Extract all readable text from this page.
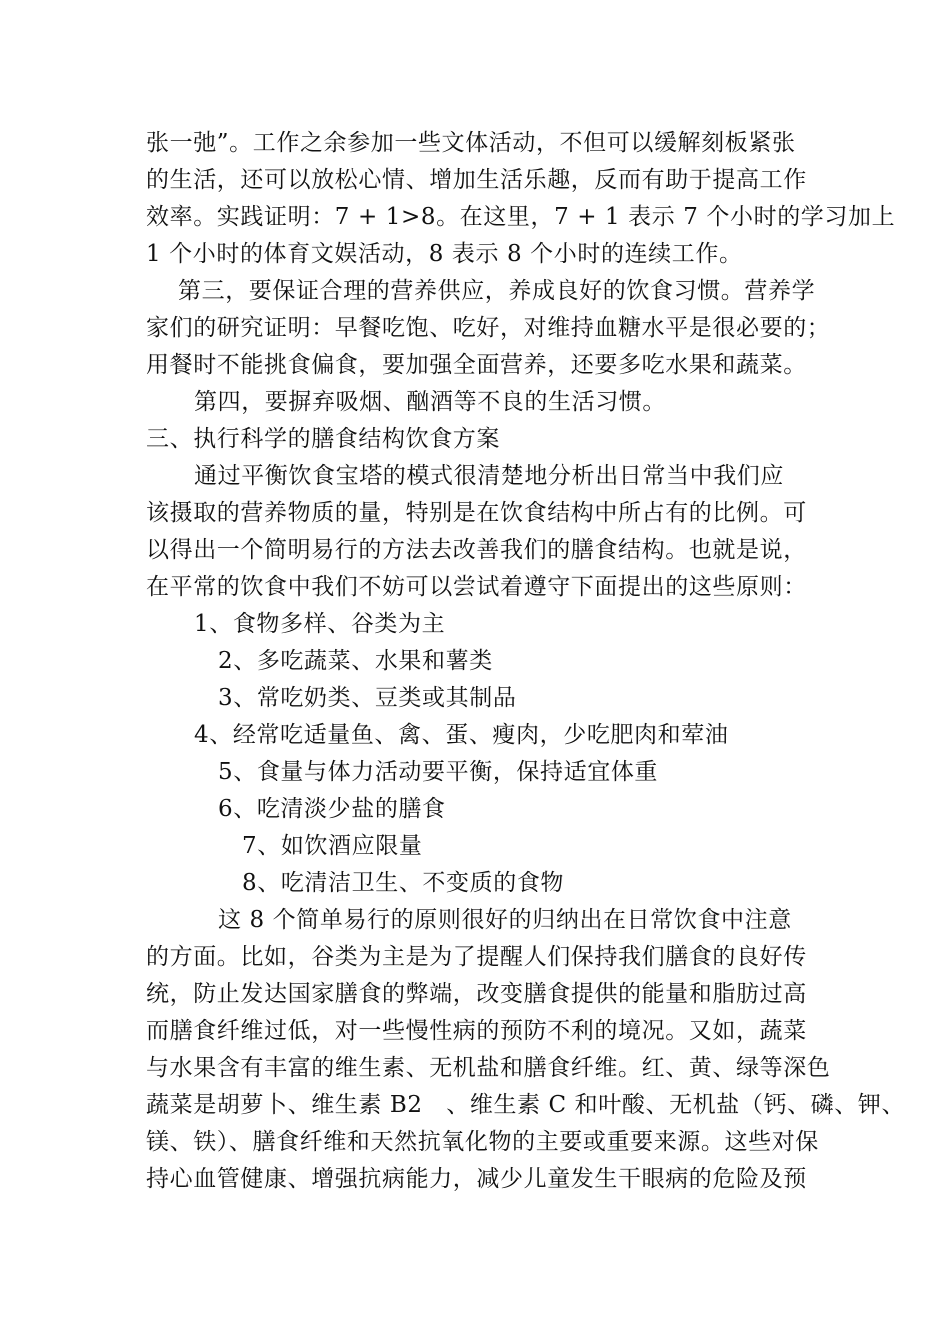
张一弛”。工作之余参加一些文体活动，不但可以缓解刻板紧张
的生活，还可以放松心情、增加生活乐趣，反而有助于提高工作
效率。实践证明：7 + 1>8。在这里，7 + 1 表示 7 个小时的学习加上
1 个小时的体育文娱活动，8 表示 8 个小时的连续工作。
第三，要保证合理的营养供应，养成良好的饮食习惯。营养学
家们的研究证明：早餐吃饱、吃好，对维持血糖水平是很必要的；
用餐时不能挑食偏食，要加强全面营养，还要多吃水果和蔬菜。
第四，要摒弃吸烟、酗酒等不良的生活习惯。
三、执行科学的膳食结构饮食方案
通过平衡饮食宝塔的模式很清楚地分析出日常当中我们应
该摄取的营养物质的量，特别是在饮食结构中所占有的比例。可
以得出一个简明易行的方法去改善我们的膳食结构。也就是说，
在平常的饮食中我们不妨可以尝试着遵守下面提出的这些原则：
1、食物多样、谷类为主
2、多吃蔬菜、水果和薯类
3、常吃奶类、豆类或其制品
4、经常吃适量鱼、禽、蛋、瘦肉，少吃肥肉和荤油
5、食量与体力活动要平衡，保持适宜体重
6、吃清淡少盐的膳食
7、如饮酒应限量
8、吃清洁卫生、不变质的食物
这 8 个简单易行的原则很好的归纳出在日常饮食中注意
的方面。比如，谷类为主是为了提醒人们保持我们膳食的良好传
统，防止发达国家膳食的弊端，改变膳食提供的能量和脂肪过高
而膳食纤维过低，对一些慢性病的预防不利的境况。又如，蔬菜
与水果含有丰富的维生素、无机盐和膳食纤维。红、黄、绿等深色
蔬菜是胡萝卜、维生素 B2　、维生素 C 和叶酸、无机盐（钙、磷、钾、
镁、铁）、膳食纤维和天然抗氧化物的主要或重要来源。这些对保
持心血管健康、增强抗病能力，减少儿童发生干眼病的危险及预
